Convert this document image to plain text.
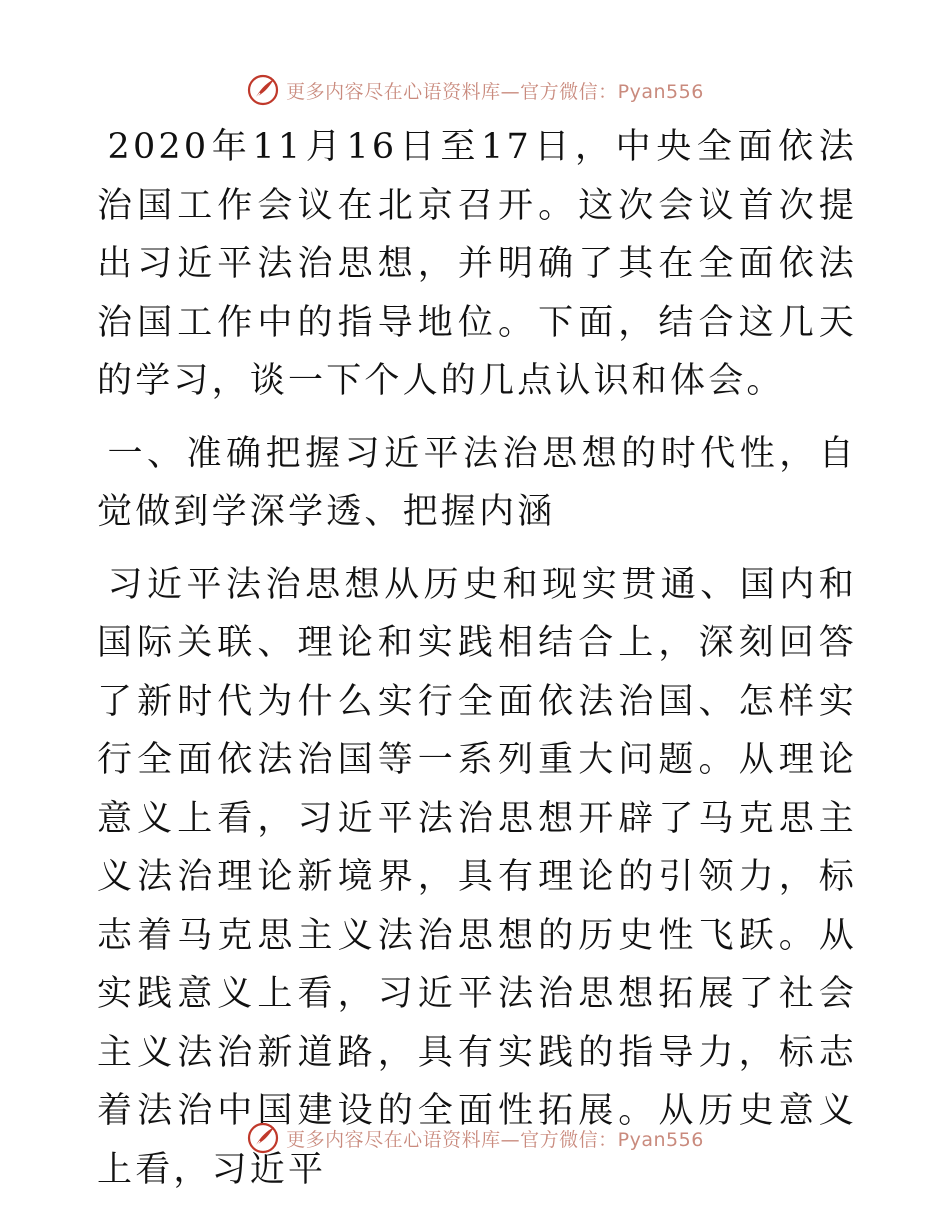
更多内容尽在心语资料库—官方微信：Pyan556

2020年11月16日至17日，中央全面依法治国工作会议在北京召开。这次会议首次提出习近平法治思想，并明确了其在全面依法治国工作中的指导地位。下面，结合这几天的学习，谈一下个人的几点认识和体会。

一、准确把握习近平法治思想的时代性，自觉做到学深学透、把握内涵

习近平法治思想从历史和现实贯通、国内和国际关联、理论和实践相结合上，深刻回答了新时代为什么实行全面依法治国、怎样实行全面依法治国等一系列重大问题。从理论意义上看，习近平法治思想开辟了马克思主义法治理论新境界，具有理论的引领力，标志着马克思主义法治思想的历史性飞跃。从实践意义上看，习近平法治思想拓展了社会主义法治新道路，具有实践的指导力，标志着法治中国建设的全面性拓展。从历史意义上看，习近平

更多内容尽在心语资料库—官方微信：Pyan556
